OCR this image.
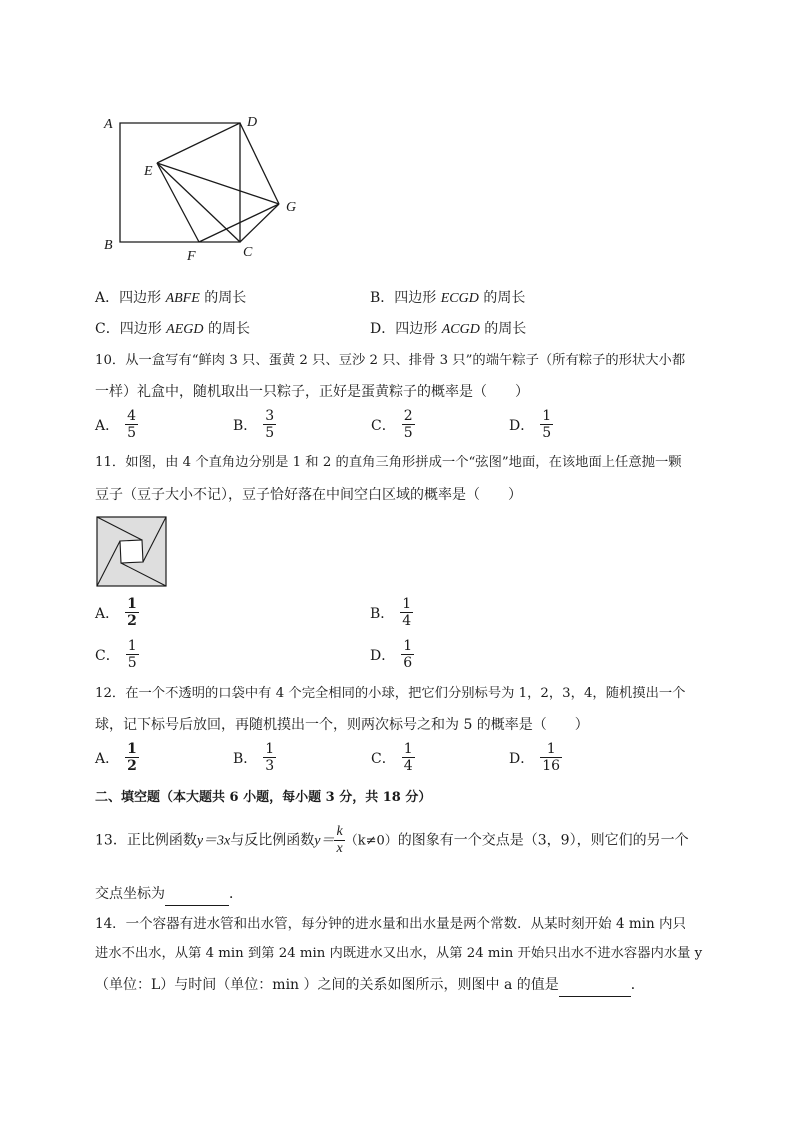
A	D
E
G
B	C
F
A．四边形 ABFE 的周长	B．四边形 ECGD 的周长
C．四边形 AEGD 的周长	D．四边形 ACGD 的周长
10．从一盒写有“鲜肉 3 只、蛋黄 2 只、豆沙 2 只、排骨 3 只”的端午粽子（所有粽子的形状大小都
一样）礼盒中，随机取出一只粽子，正好是蛋黄粽子的概率是（　　）
A． $\frac{4}{5}$	B． $\frac{3}{5}$	C． $\frac{2}{5}$	D． $\frac{1}{5}$
11．如图，由 4 个直角边分别是 1 和 2 的直角三角形拼成一个“弦图”地面，在该地面上任意抛一颗
豆子（豆子大小不记），豆子恰好落在中间空白区域的概率是（　　）
A． $\frac{1}{2}$	B． $\frac{1}{4}$
C． $\frac{1}{5}$	D． $\frac{1}{6}$
12．在一个不透明的口袋中有 4 个完全相同的小球，把它们分别标号为 1，2，3，4，随机摸出一个
球，记下标号后放回，再随机摸出一个，则两次标号之和为 5 的概率是（　　）
A． $\frac{1}{2}$	B． $\frac{1}{3}$	C． $\frac{1}{4}$	D． $\frac{1}{16}$
二、填空题（本大题共 6 小题，每小题 3 分，共 18 分）
13．正比例函数y＝3x与反比例函数$y= \frac{k}{x} (k\ne 0)$的图象有一个交点是（3，9），则它们的另一个
交点坐标为	．
14．一个容器有进水管和出水管，每分钟的进水量和出水量是两个常数．从某时刻开始 4 min 内只
进水不出水，从第 4 min 到第 24 min 内既进水又出水，从第 24 min 开始只出水不进水容器内水量 y
（单位：L）与时间（单位：min ）之间的关系如图所示，则图中 a 的值是	．
